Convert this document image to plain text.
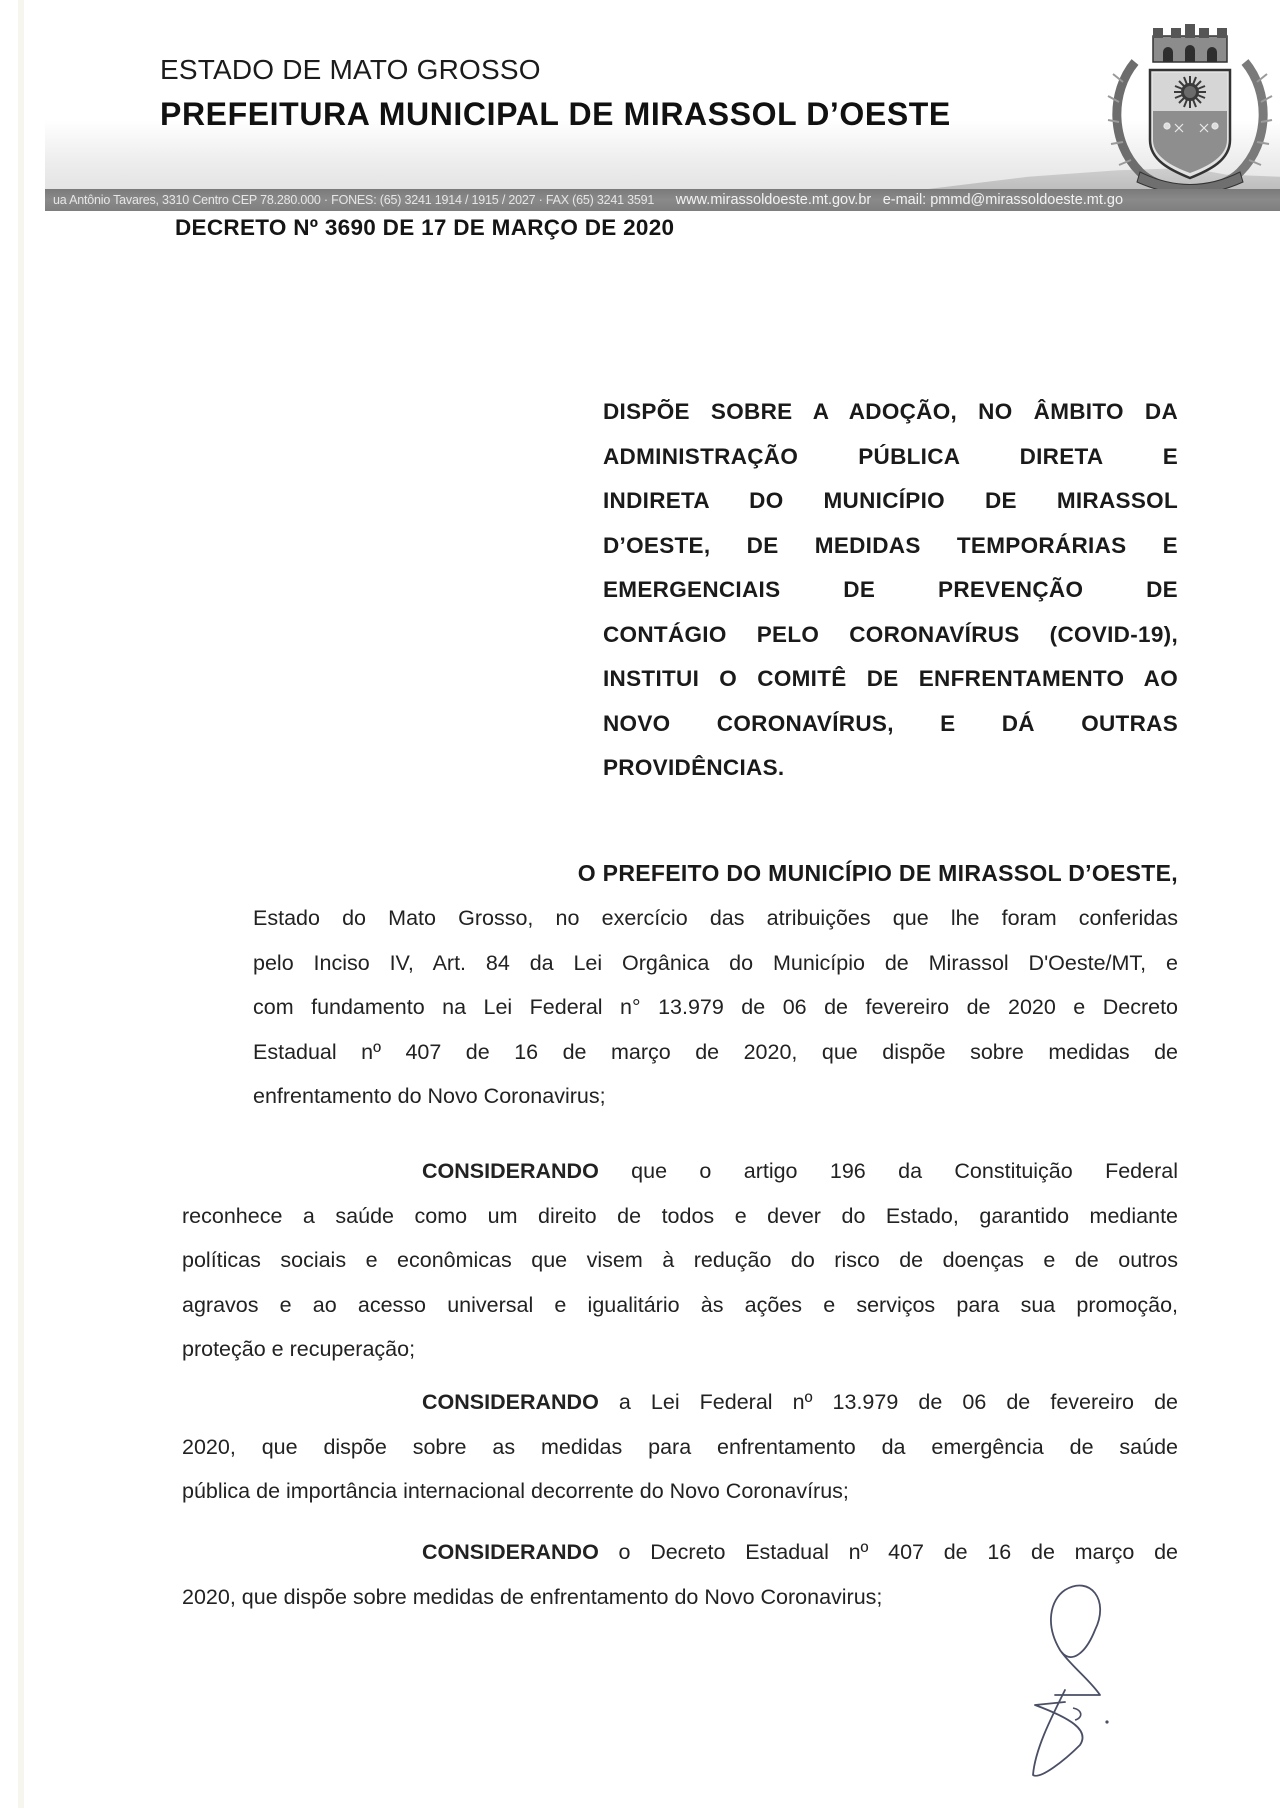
ESTADO DE MATO GROSSO
PREFEITURA MUNICIPAL DE MIRASSOL D’OESTE
ua Antônio Tavares, 3310 Centro CEP 78.280.000 · FONES: (65) 3241 1914 / 1915 / 2027 · FAX (65) 3241 3591 www.mirassoldoeste.mt.gov.br e-mail: pmmd@mirassoldoeste.mt.go
DECRETO Nº 3690 DE 17 DE MARÇO DE 2020
DISPÕE SOBRE A ADOÇÃO, NO ÂMBITO DA
ADMINISTRAÇÃO PÚBLICA DIRETA E
INDIRETA DO MUNICÍPIO DE MIRASSOL
D’OESTE, DE MEDIDAS TEMPORÁRIAS E
EMERGENCIAIS DE PREVENÇÃO DE
CONTÁGIO PELO CORONAVÍRUS (COVID-19),
INSTITUI O COMITÊ DE ENFRENTAMENTO AO
NOVO CORONAVÍRUS, E DÁ OUTRAS
PROVIDÊNCIAS.
O PREFEITO DO MUNICÍPIO DE MIRASSOL D’OESTE,
Estado do Mato Grosso, no exercício das atribuições que lhe foram conferidas
pelo Inciso IV, Art. 84 da Lei Orgânica do Município de Mirassol D'Oeste/MT, e
com fundamento na Lei Federal n° 13.979 de 06 de fevereiro de 2020 e Decreto
Estadual nº 407 de 16 de março de 2020, que dispõe sobre medidas de
enfrentamento do Novo Coronavirus;
CONSIDERANDO que o artigo 196 da Constituição Federal
reconhece a saúde como um direito de todos e dever do Estado, garantido mediante
políticas sociais e econômicas que visem à redução do risco de doenças e de outros
agravos e ao acesso universal e igualitário às ações e serviços para sua promoção,
proteção e recuperação;
CONSIDERANDO a Lei Federal nº 13.979 de 06 de fevereiro de
2020, que dispõe sobre as medidas para enfrentamento da emergência de saúde
pública de importância internacional decorrente do Novo Coronavírus;
CONSIDERANDO o Decreto Estadual nº 407 de 16 de março de
2020, que dispõe sobre medidas de enfrentamento do Novo Coronavirus;
